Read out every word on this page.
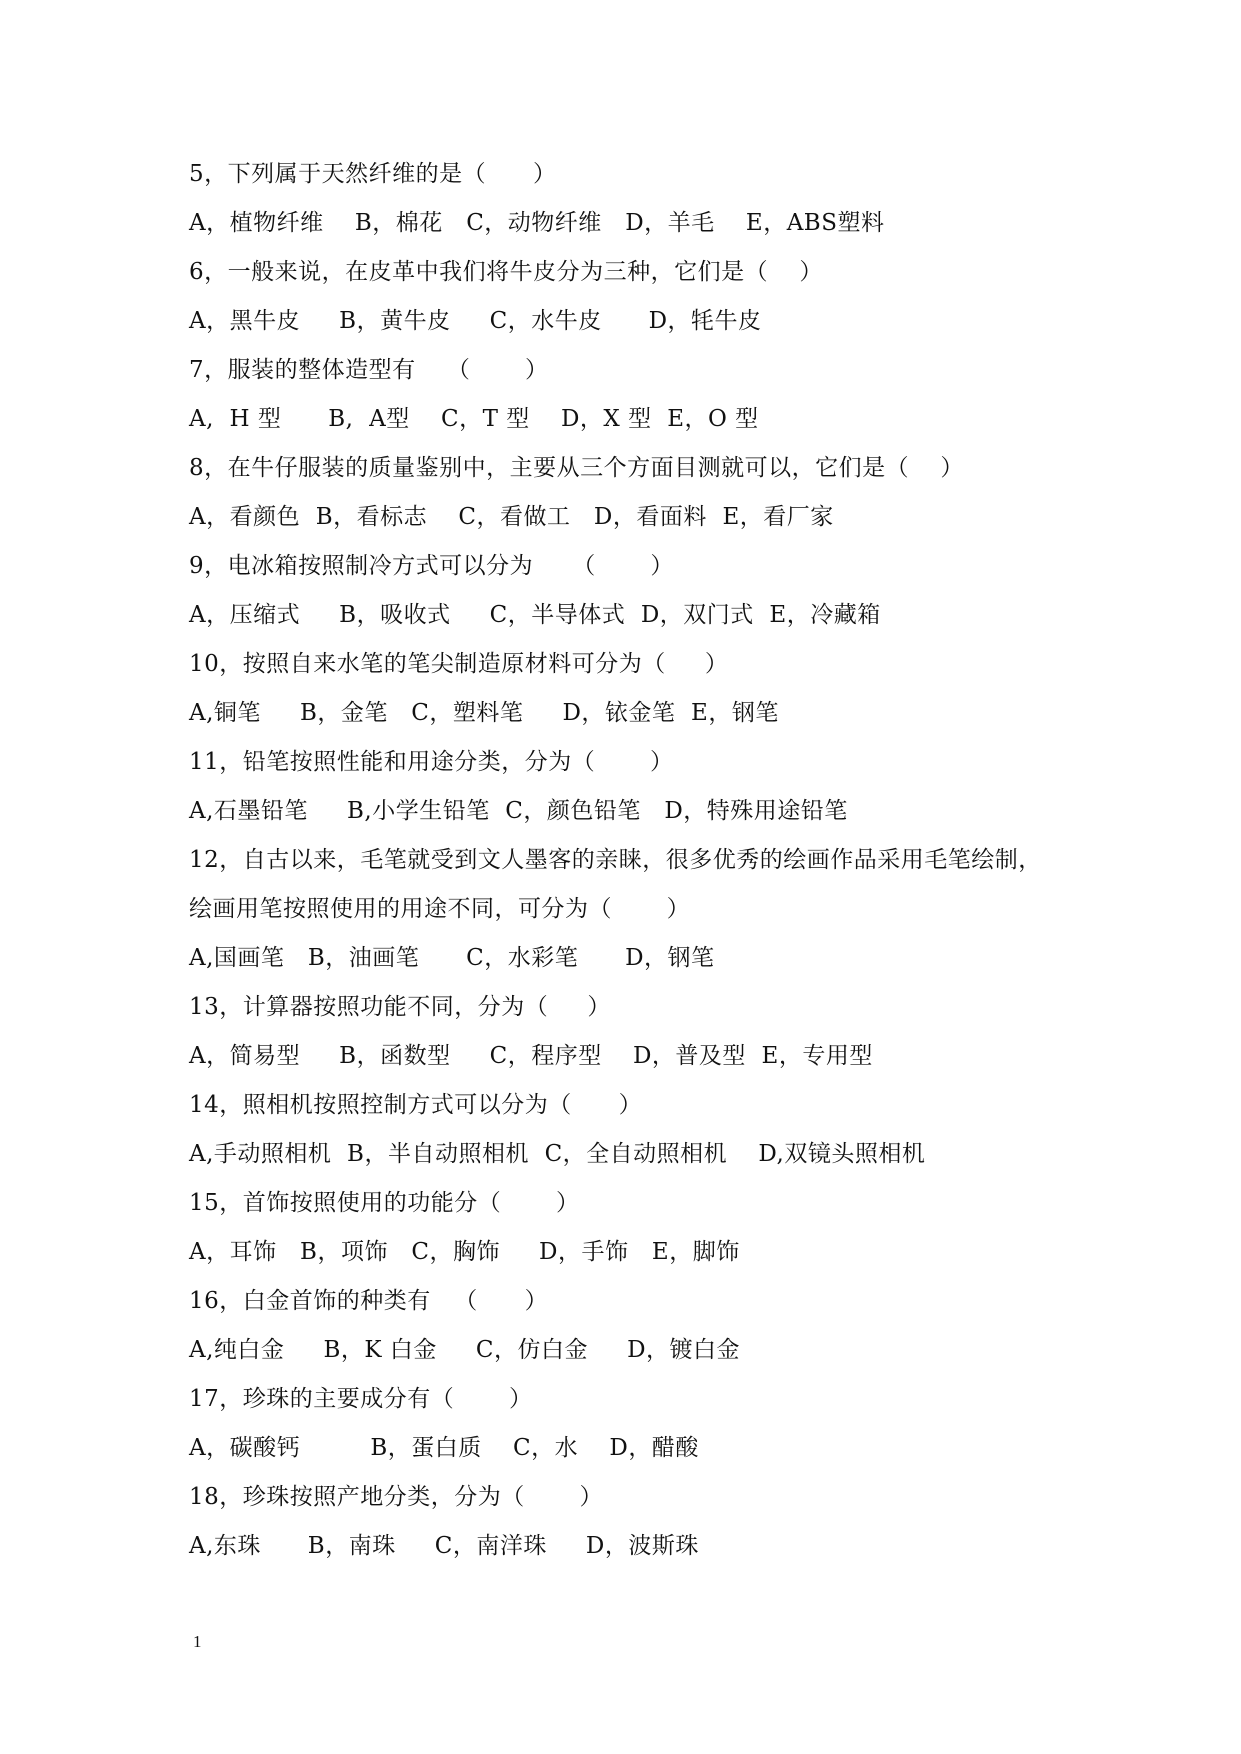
5，下列属于天然纤维的是（      ）
A，植物纤维    B，棉花   C，动物纤维   D，羊毛    E，ABS塑料
6，一般来说，在皮革中我们将牛皮分为三种，它们是（    ）
A，黑牛皮     B，黄牛皮     C，水牛皮      D，牦牛皮
7，服装的整体造型有    （       ）
A,  H 型      B,  A型    C，T 型    D，X 型  E，O 型
8，在牛仔服装的质量鉴别中，主要从三个方面目测就可以，它们是（    ）
A，看颜色  B，看标志    C，看做工   D，看面料  E，看厂家
9，电冰箱按照制冷方式可以分为     （       ）
A，压缩式     B，吸收式     C，半导体式  D，双门式  E，冷藏箱
10，按照自来水笔的笔尖制造原材料可分为（     ）
A,铜笔     B，金笔   C，塑料笔     D，铱金笔  E，钢笔
11，铅笔按照性能和用途分类，分为（       ）
A,石墨铅笔     B,小学生铅笔  C，颜色铅笔   D，特殊用途铅笔
12，自古以来，毛笔就受到文人墨客的亲睐，很多优秀的绘画作品采用毛笔绘制，
绘画用笔按照使用的用途不同，可分为（       ）
A,国画笔   B，油画笔      C，水彩笔      D，钢笔
13，计算器按照功能不同，分为（     ）
A，简易型     B，函数型     C，程序型    D，普及型  E，专用型
14，照相机按照控制方式可以分为（      ）
A,手动照相机  B，半自动照相机  C，全自动照相机    D,双镜头照相机
15，首饰按照使用的功能分（       ）
A，耳饰   B，项饰   C，胸饰     D，手饰   E，脚饰
16，白金首饰的种类有   （      ）
A,纯白金     B，K 白金     C，仿白金     D，镀白金
17，珍珠的主要成分有（       ）
A，碳酸钙         B，蛋白质    C，水    D，醋酸
18，珍珠按照产地分类，分为（       ）
A,东珠      B，南珠     C，南洋珠     D，波斯珠
1
